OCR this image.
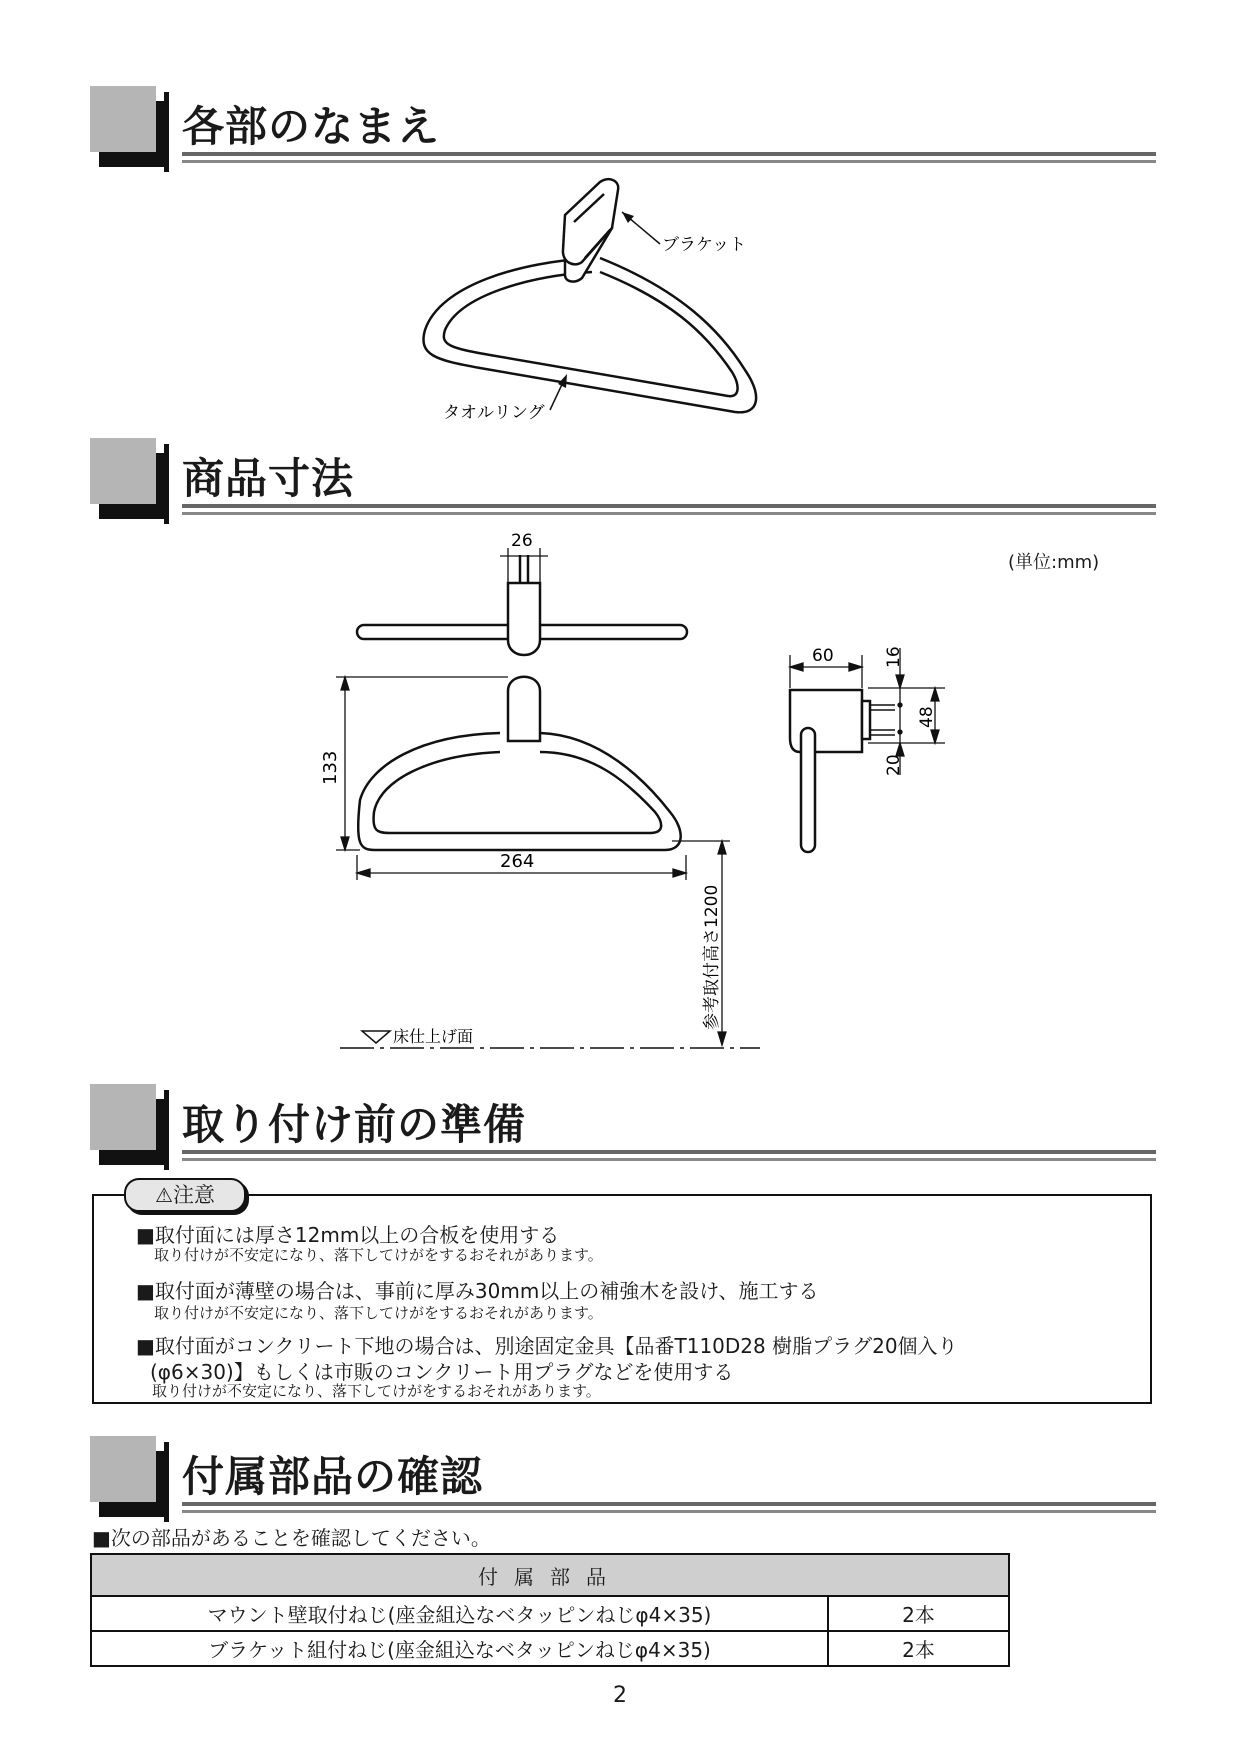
各部のなまえ
ブラケット
タオルリング
商品寸法
(単位:mm)
26
133
264
60	16
48
20
参考取付高さ1200
床仕上げ面
取り付け前の準備
⚠注意
■取付面には厚さ12mm以上の合板を使用する
取り付けが不安定になり、落下してけがをするおそれがあります。
■取付面が薄壁の場合は、事前に厚み30mm以上の補強木を設け、施工する
取り付けが不安定になり、落下してけがをするおそれがあります。
■取付面がコンクリート下地の場合は、別途固定金具【品番T110D28 樹脂プラグ20個入り
(φ6×30)】もしくは市販のコンクリート用プラグなどを使用する
取り付けが不安定になり、落下してけがをするおそれがあります。
付属部品の確認
■次の部品があることを確認してください。
付属部品	
マウント壁取付ねじ(座金組込なベタッピンねじφ4×35)	2本
ブラケット組付ねじ(座金組込なベタッピンねじφ4×35)	2本
2
